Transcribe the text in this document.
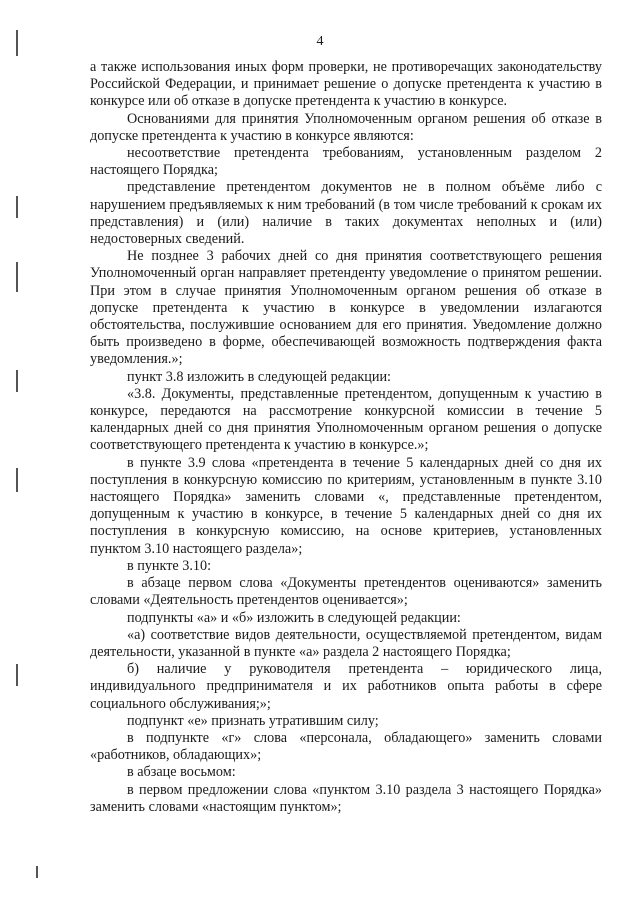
4

а также использования иных форм проверки, не противоречащих законодательству Российской Федерации, и принимает решение о допуске претендента к участию в конкурсе или об отказе в допуске претендента к участию в конкурсе.

Основаниями для принятия Уполномоченным органом решения об отказе в допуске претендента к участию в конкурсе являются:

несоответствие претендента требованиям, установленным разделом 2 настоящего Порядка;

представление претендентом документов не в полном объёме либо с нарушением предъявляемых к ним требований (в том числе требований к срокам их представления) и (или) наличие в таких документах неполных и (или) недостоверных сведений.

Не позднее 3 рабочих дней со дня принятия соответствующего решения Уполномоченный орган направляет претенденту уведомление о принятом решении. При этом в случае принятия Уполномоченным органом решения об отказе в допуске претендента к участию в конкурсе в уведомлении излагаются обстоятельства, послужившие основанием для его принятия. Уведомление должно быть произведено в форме, обеспечивающей возможность подтверждения факта уведомления.»;

пункт 3.8 изложить в следующей редакции:

«3.8. Документы, представленные претендентом, допущенным к участию в конкурсе, передаются на рассмотрение конкурсной комиссии в течение 5 календарных дней со дня принятия Уполномоченным органом решения о допуске соответствующего претендента к участию в конкурсе.»;

в пункте 3.9 слова «претендента в течение 5 календарных дней со дня их поступления в конкурсную комиссию по критериям, установленным в пункте 3.10 настоящего Порядка» заменить словами «, представленные претендентом, допущенным к участию в конкурсе, в течение 5 календарных дней со дня их поступления в конкурсную комиссию, на основе критериев, установленных пунктом 3.10 настоящего раздела»;

в пункте 3.10:

в абзаце первом слова «Документы претендентов оцениваются» заменить словами «Деятельность претендентов оценивается»;

подпункты «а» и «б» изложить в следующей редакции:

«а) соответствие видов деятельности, осуществляемой претендентом, видам деятельности, указанной в пункте «а» раздела 2 настоящего Порядка;

б) наличие у руководителя претендента – юридического лица, индивидуального предпринимателя и их работников опыта работы в сфере социального обслуживания;»;

подпункт «е» признать утратившим силу;

в подпункте «г» слова «персонала, обладающего» заменить словами «работников, обладающих»;

в абзаце восьмом:

в первом предложении слова «пунктом 3.10 раздела 3 настоящего Порядка» заменить словами «настоящим пунктом»;
